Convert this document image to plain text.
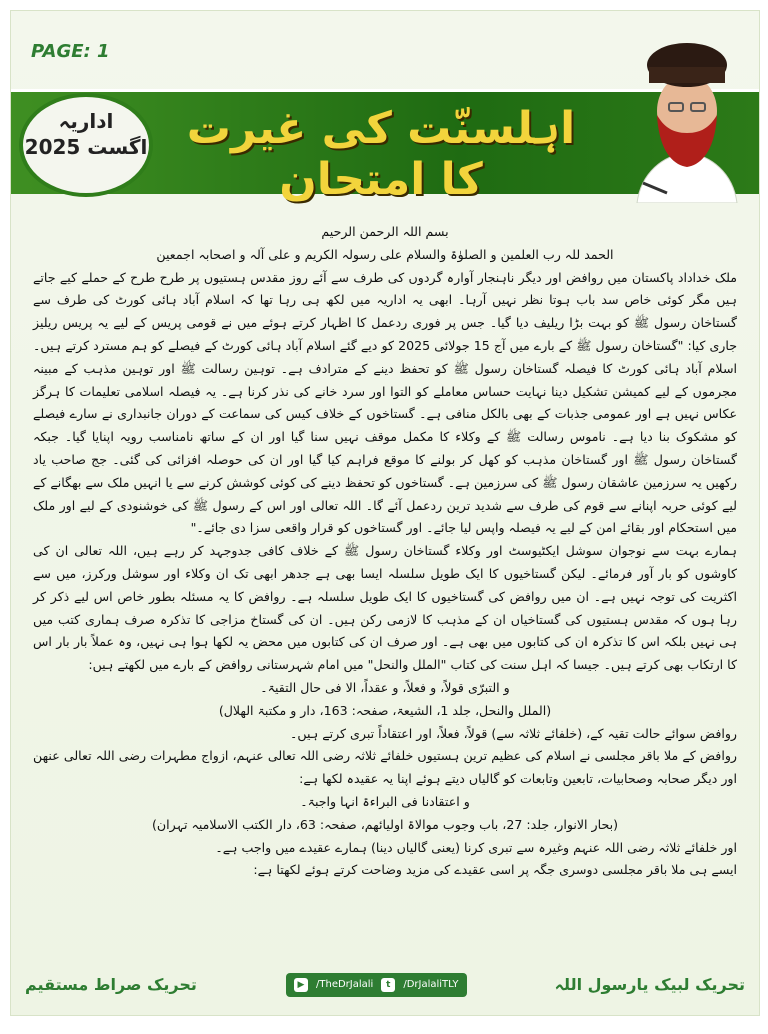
PAGE: 1
اداریہ
اگست 2025 اہلسنّت کی غیرت کا امتحان
بسم اللہ الرحمن الرحیم
الحمد للہ رب العلمین و الصلوٰۃ والسلام علی رسولہ الکریم و علی آلہ و اصحابہ اجمعین
ملک خداداد پاکستان میں روافض اور دیگر ناہنجار آوارہ گردوں کی طرف سے آئے روز مقدس ہستیوں پر طرح طرح کے حملے کیے جاتے ہیں مگر کوئی خاص سد باب ہوتا نظر نہیں آرہا۔ ابھی یہ اداریہ میں لکھ ہی رہا تھا کہ اسلام آباد ہائی کورٹ کی طرف سے گستاخان رسول ﷺ کو بہت بڑا ریلیف دیا گیا۔ جس پر فوری ردعمل کا اظہار کرتے ہوئے میں نے قومی پریس کے لیے یہ پریس ریلیز جاری کیا: "گستاخان رسول ﷺ کے بارے میں آج 15 جولائی 2025 کو دیے گئے اسلام آباد ہائی کورٹ کے فیصلے کو ہم مسترد کرتے ہیں۔ اسلام آباد ہائی کورٹ کا فیصلہ گستاخان رسول ﷺ کو تحفظ دینے کے مترادف ہے۔ توہین رسالت ﷺ اور توہین مذہب کے مبینہ مجرموں کے لیے کمیشن تشکیل دینا نہایت حساس معاملے کو التوا اور سرد خانے کی نذر کرنا ہے۔ یہ فیصلہ اسلامی تعلیمات کا ہرگز عکاس نہیں ہے اور عمومی جذبات کے بھی بالکل منافی ہے۔ گستاخوں کے خلاف کیس کی سماعت کے دوران جانبداری نے سارے فیصلے کو مشکوک بنا دیا ہے۔ ناموس رسالت ﷺ کے وکلاء کا مکمل موقف نہیں سنا گیا اور ان کے ساتھ نامناسب رویہ اپنایا گیا۔ جبکہ گستاخان رسول ﷺ اور گستاخان مذہب کو کھل کر بولنے کا موقع فراہم کیا گیا اور ان کی حوصلہ افزائی کی گئی۔ جج صاحب یاد رکھیں یہ سرزمین عاشقان رسول ﷺ کی سرزمین ہے۔ گستاخوں کو تحفظ دینے کی کوئی کوشش کرنے سے یا انہیں ملک سے بھگانے کے لیے کوئی حربہ اپنانے سے قوم کی طرف سے شدید ترین ردعمل آئے گا۔ اللہ تعالی اور اس کے رسول ﷺ کی خوشنودی کے لیے اور ملک میں استحکام اور بقائے امن کے لیے یہ فیصلہ واپس لیا جائے۔ اور گستاخوں کو قرار واقعی سزا دی جائے۔"
ہمارے بہت سے نوجوان سوشل ایکٹیوسٹ اور وکلاء گستاخان رسول ﷺ کے خلاف کافی جدوجہد کر رہے ہیں، اللہ تعالی ان کی کاوشوں کو بار آور فرمائے۔ لیکن گستاخیوں کا ایک طویل سلسلہ ایسا بھی ہے جدھر ابھی تک ان وکلاء اور سوشل ورکرز، میں سے اکثریت کی توجہ نہیں ہے۔ ان میں روافض کی گستاخیوں کا ایک طویل سلسلہ ہے۔ روافض کا یہ مسئلہ بطور خاص اس لیے ذکر کر رہا ہوں کہ مقدس ہستیوں کی گستاخیاں ان کے مذہب کا لازمی رکن ہیں۔ ان کی گستاخ مزاجی کا تذکرہ صرف ہماری کتب میں ہی نہیں بلکہ اس کا تذکرہ ان کی کتابوں میں بھی ہے۔ اور صرف ان کی کتابوں میں محض یہ لکھا ہوا ہی نہیں، وہ عملاً بار بار اس کا ارتکاب بھی کرتے ہیں۔ جیسا کہ اہل سنت کی کتاب "الملل والنحل" میں امام شہرستانی روافض کے بارے میں لکھتے ہیں:
و التبرّی قولاً، و فعلاً، و عقداً، الا فی حال التقیۃ۔
(الملل والنحل، جلد 1، الشیعۃ، صفحہ: 163، دار و مکتبۃ الھلال)
روافض سوائے حالت تقیہ کے، (خلفائے ثلاثہ سے) قولاً، فعلاً، اور اعتقاداً تبری کرتے ہیں۔
روافض کے ملا باقر مجلسی نے اسلام کی عظیم ترین ہستیوں خلفائے ثلاثہ رضی اللہ تعالی عنہم، ازواج مطہرات رضی اللہ تعالی عنھن اور دیگر صحابہ وصحابیات، تابعین وتابعات کو گالیاں دیتے ہوئے اپنا یہ عقیدہ لکھا ہے:
و اعتقادنا فی البراءۃ انہا واجبۃ۔
(بحار الانوار، جلد: 27، باب وجوب موالاۃ اولیائھم، صفحہ: 63، دار الکتب الاسلامیہ تہران)
اور خلفائے ثلاثہ رضی اللہ عنہم وغیرہ سے تبری کرنا (یعنی گالیاں دینا) ہمارے عقیدے میں واجب ہے۔
ایسے ہی ملا باقر مجلسی دوسری جگہ پر اسی عقیدے کی مزید وضاحت کرتے ہوئے لکھتا ہے:
تحریک صراط مستقیم	▶	/TheDrJalali	t	/DrJalaliTLY	تحریک لبیک یارسول اللہ
